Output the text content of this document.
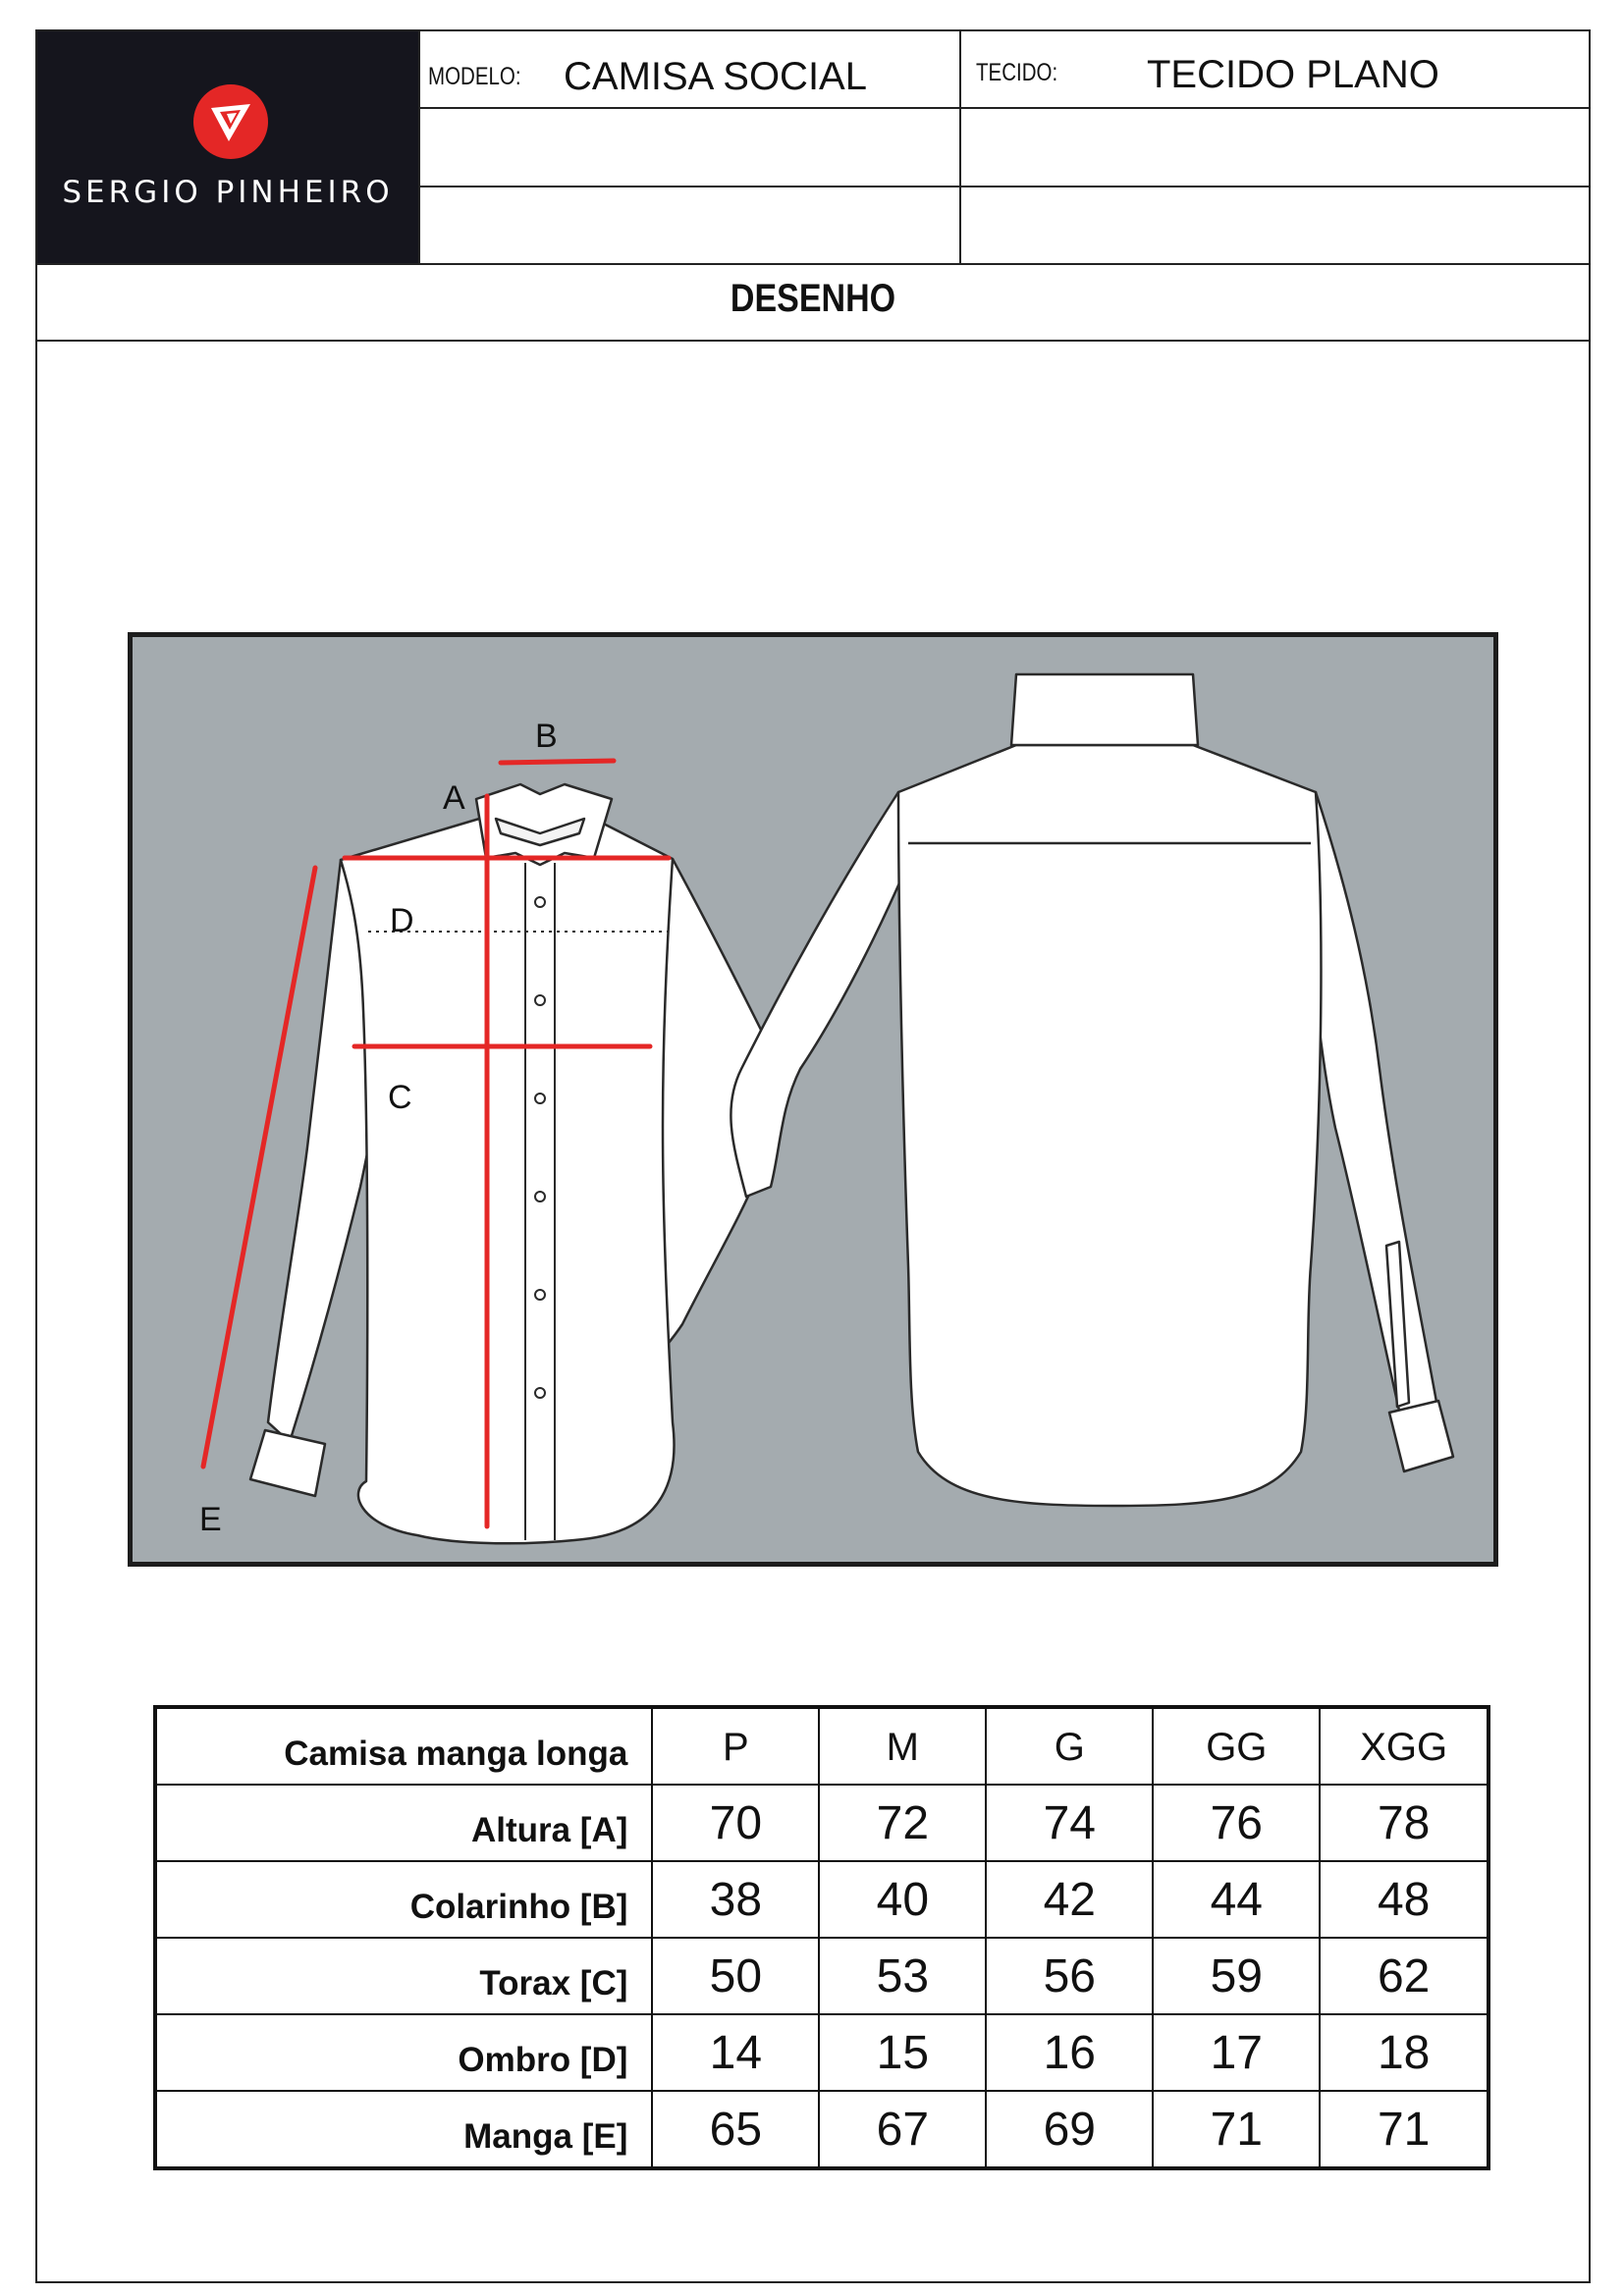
SERGIO PINHEIRO
MODELO: CAMISA SOCIAL	TECIDO: TECIDO PLANO
DESENHO
A
B
C
D
E
Camisa manga longa	P	M	G	GG	XGG
Altura [A]	70	72	74	76	78
Colarinho [B]	38	40	42	44	48
Torax [C]	50	53	56	59	62
Ombro [D]	14	15	16	17	18
Manga [E]	65	67	69	71	71
